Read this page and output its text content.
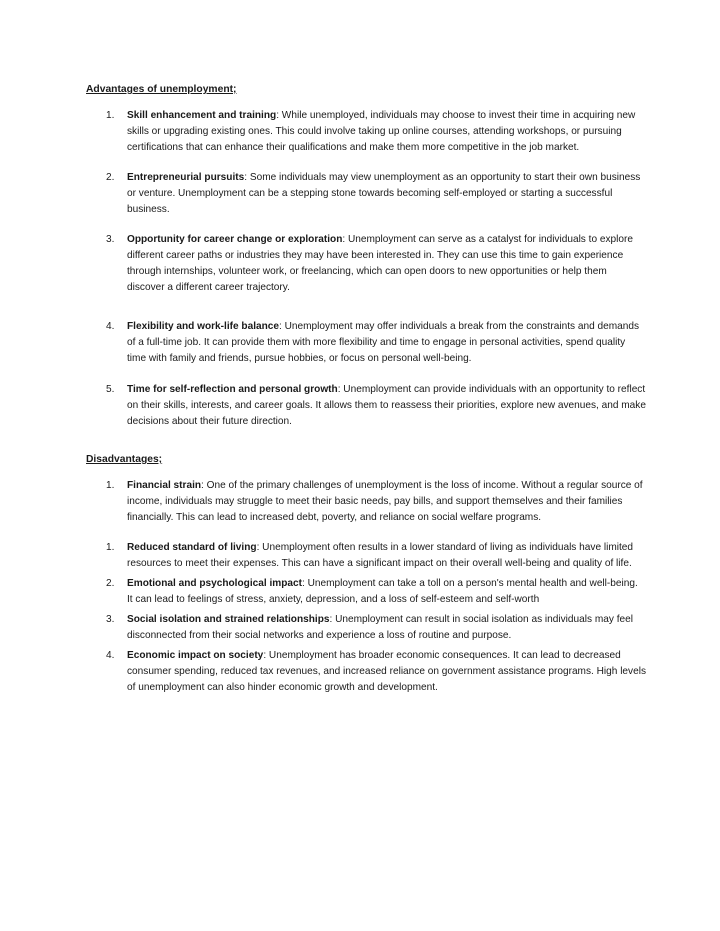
Advantages of unemployment;
1.	Skill enhancement and training: While unemployed, individuals may choose to invest their time in acquiring new skills or upgrading existing ones. This could involve taking up online courses, attending workshops, or pursuing certifications that can enhance their qualifications and make them more competitive in the job market.
2.	Entrepreneurial pursuits: Some individuals may view unemployment as an opportunity to start their own business or venture. Unemployment can be a stepping stone towards becoming self-employed or starting a successful business.
3.	Opportunity for career change or exploration: Unemployment can serve as a catalyst for individuals to explore different career paths or industries they may have been interested in. They can use this time to gain experience through internships, volunteer work, or freelancing, which can open doors to new opportunities or help them discover a different career trajectory.
4.	Flexibility and work-life balance: Unemployment may offer individuals a break from the constraints and demands of a full-time job. It can provide them with more flexibility and time to engage in personal activities, spend quality time with family and friends, pursue hobbies, or focus on personal well-being.
5.	Time for self-reflection and personal growth: Unemployment can provide individuals with an opportunity to reflect on their skills, interests, and career goals. It allows them to reassess their priorities, explore new avenues, and make decisions about their future direction.
Disadvantages;
1.	Financial strain: One of the primary challenges of unemployment is the loss of income. Without a regular source of income, individuals may struggle to meet their basic needs, pay bills, and support themselves and their families financially. This can lead to increased debt, poverty, and reliance on social welfare programs.
1.	Reduced standard of living: Unemployment often results in a lower standard of living as individuals have limited resources to meet their expenses. This can have a significant impact on their overall well-being and quality of life.
2.	Emotional and psychological impact: Unemployment can take a toll on a person's mental health and well-being. It can lead to feelings of stress, anxiety, depression, and a loss of self-esteem and self-worth
3.	Social isolation and strained relationships: Unemployment can result in social isolation as individuals may feel disconnected from their social networks and experience a loss of routine and purpose.
4.	Economic impact on society: Unemployment has broader economic consequences. It can lead to decreased consumer spending, reduced tax revenues, and increased reliance on government assistance programs. High levels of unemployment can also hinder economic growth and development.
